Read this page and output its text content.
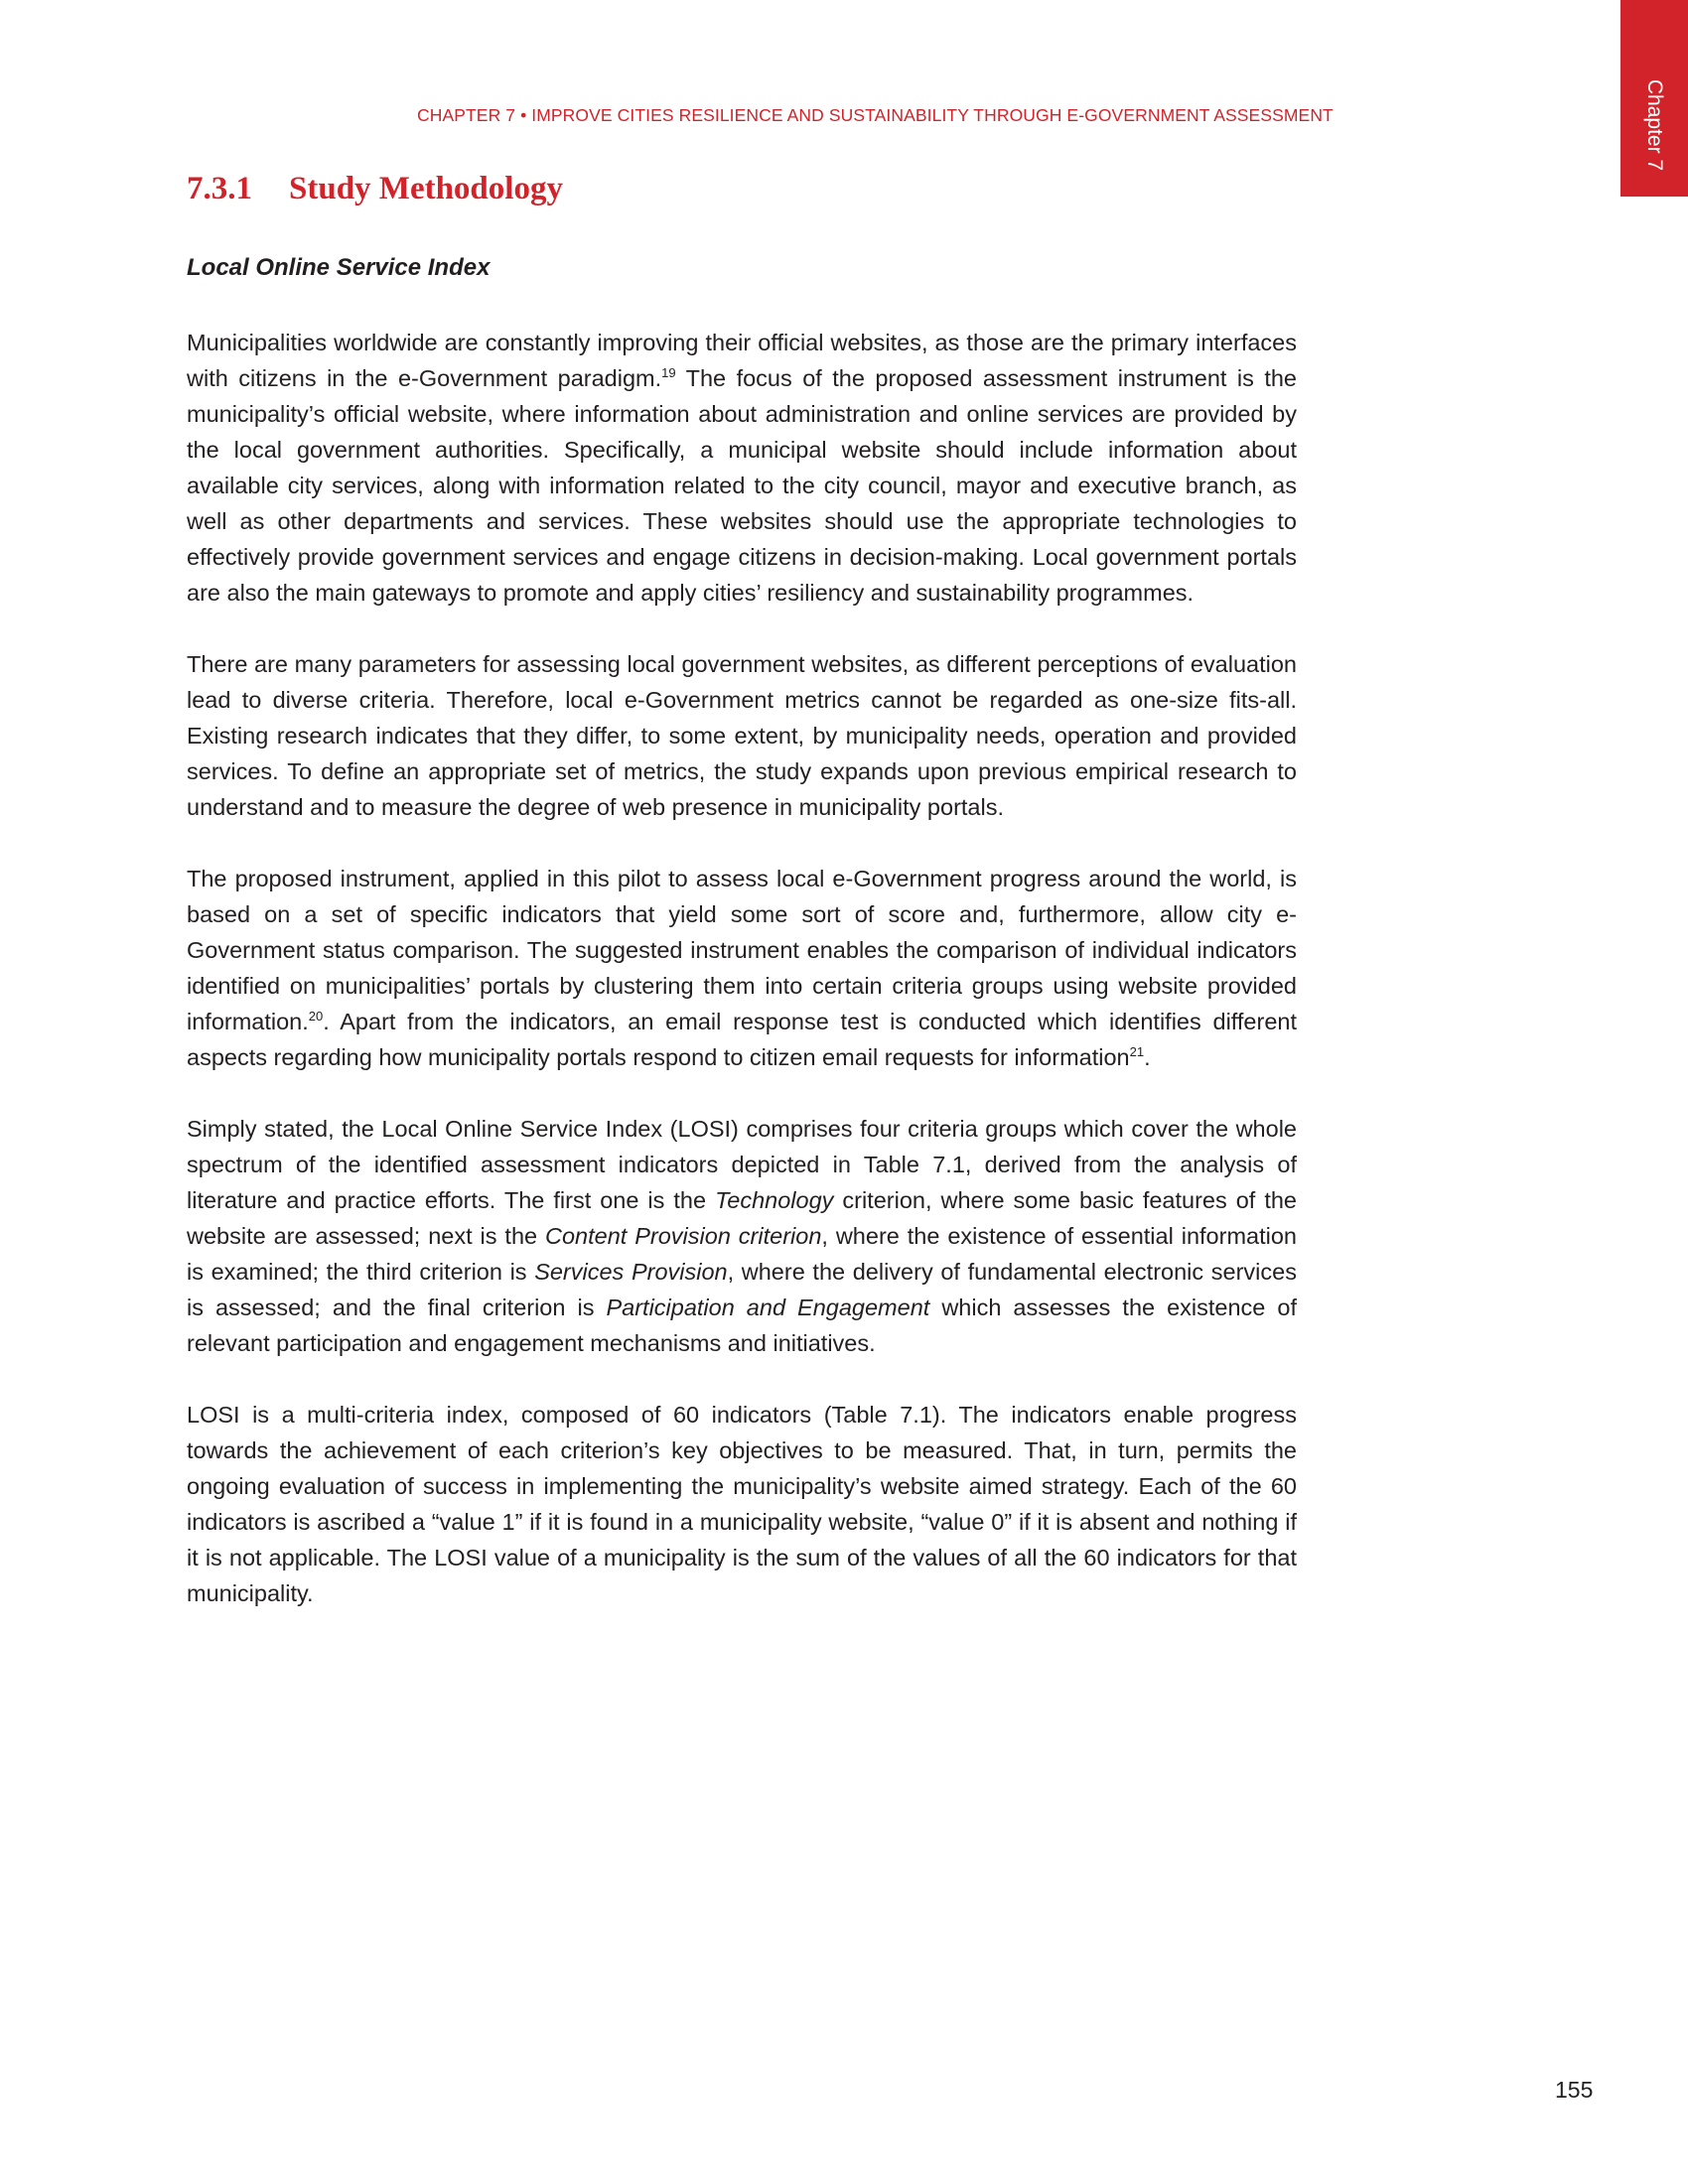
CHAPTER 7 • IMPROVE CITIES RESILIENCE AND SUSTAINABILITY THROUGH E-GOVERNMENT ASSESSMENT	Chapter 7
7.3.1 Study Methodology
Local Online Service Index

Municipalities worldwide are constantly improving their official websites, as those are the primary interfaces with citizens in the e-Government paradigm.$^{19}$ The focus of the proposed assessment instrument is the municipality’s official website, where information about administration and online services are provided by the local government authorities. Specifically, a municipal website should include information about available city services, along with information related to the city council, mayor and executive branch, as well as other departments and services. These websites should use the appropriate technologies to effectively provide government services and engage citizens in decision-making. Local government portals are also the main gateways to promote and apply cities’ resiliency and sustainability programmes.

There are many parameters for assessing local government websites, as different perceptions of evaluation lead to diverse criteria. Therefore, local e-Government metrics cannot be regarded as one-size fits-all. Existing research indicates that they differ, to some extent, by municipality needs, operation and provided services. To define an appropriate set of metrics, the study expands upon previous empirical research to understand and to measure the degree of web presence in municipality portals.

The proposed instrument, applied in this pilot to assess local e-Government progress around the world, is based on a set of specific indicators that yield some sort of score and, furthermore, allow city e-Government status comparison. The suggested instrument enables the comparison of individual indicators identified on municipalities’ portals by clustering them into certain criteria groups using website provided information.$^{20}$. Apart from the indicators, an email response test is conducted which identifies different aspects regarding how municipality portals respond to citizen email requests for information$^{21}$.

Simply stated, the Local Online Service Index (LOSI) comprises four criteria groups which cover the whole spectrum of the identified assessment indicators depicted in Table 7.1, derived from the analysis of literature and practice efforts. The first one is the Technology criterion, where some basic features of the website are assessed; next is the Content Provision criterion, where the existence of essential information is examined; the third criterion is Services Provision, where the delivery of fundamental electronic services is assessed; and the final criterion is Participation and Engagement which assesses the existence of relevant participation and engagement mechanisms and initiatives.

LOSI is a multi-criteria index, composed of 60 indicators (Table 7.1). The indicators enable progress towards the achievement of each criterion’s key objectives to be measured. That, in turn, permits the ongoing evaluation of success in implementing the municipality’s website aimed strategy. Each of the 60 indicators is ascribed a “value 1” if it is found in a municipality website, “value 0” if it is absent and nothing if it is not applicable. The LOSI value of a municipality is the sum of the values of all the 60 indicators for that municipality.

155
